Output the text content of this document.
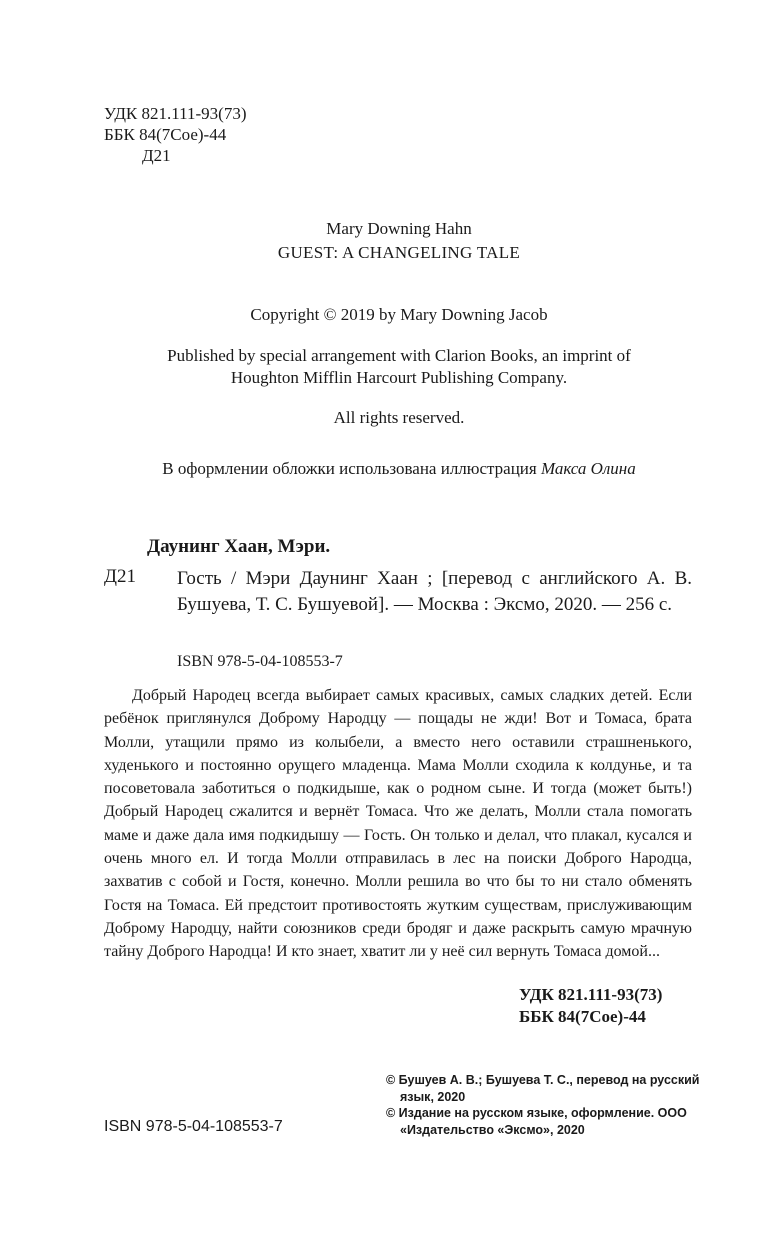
УДК 821.111-93(73)
ББК 84(7Сое)-44
Д21
Mary Downing Hahn
GUEST: A CHANGELING TALE
Copyright © 2019 by Mary Downing Jacob
Published by special arrangement with Clarion Books, an imprint of
Houghton Mifflin Harcourt Publishing Company.
All rights reserved.
В оформлении обложки использована иллюстрация Макса Олина
Даунинг Хаан, Мэри.
Д21 Гость / Мэри Даунинг Хаан ; [перевод с английского А. В. Бушуева, Т. С. Бушуевой]. — Москва : Эксмо, 2020. — 256 с.
ISBN 978-5-04-108553-7
Добрый Народец всегда выбирает самых красивых, самых сладких детей. Если ребёнок приглянулся Доброму Народцу — пощады не жди! Вот и Томаса, брата Молли, утащили прямо из колыбели, а вместо него оставили страшненького, худенького и постоянно орущего младенца. Мама Молли сходила к колдунье, и та посоветовала заботиться о подкидыше, как о родном сыне. И тогда (может быть!) Добрый Народец сжалится и вернёт Томаса. Что же делать, Молли стала помогать маме и даже дала имя подкидышу — Гость. Он только и делал, что плакал, кусался и очень много ел. И тогда Молли отправилась в лес на поиски Доброго Народца, захватив с собой и Гостя, конечно. Молли решила во что бы то ни стало обменять Гостя на Томаса. Ей предстоит противостоять жутким существам, прислуживающим Доброму Народцу, найти союзников среди бродяг и даже раскрыть самую мрачную тайну Доброго Народца! И кто знает, хватит ли у неё сил вернуть Томаса домой...
УДК 821.111-93(73)
ББК 84(7Сое)-44
ISBN 978-5-04-108553-7
© Бушуев А. В.; Бушуева Т. С., перевод на русский язык, 2020
© Издание на русском языке, оформление. ООО «Издательство «Эксмо», 2020
